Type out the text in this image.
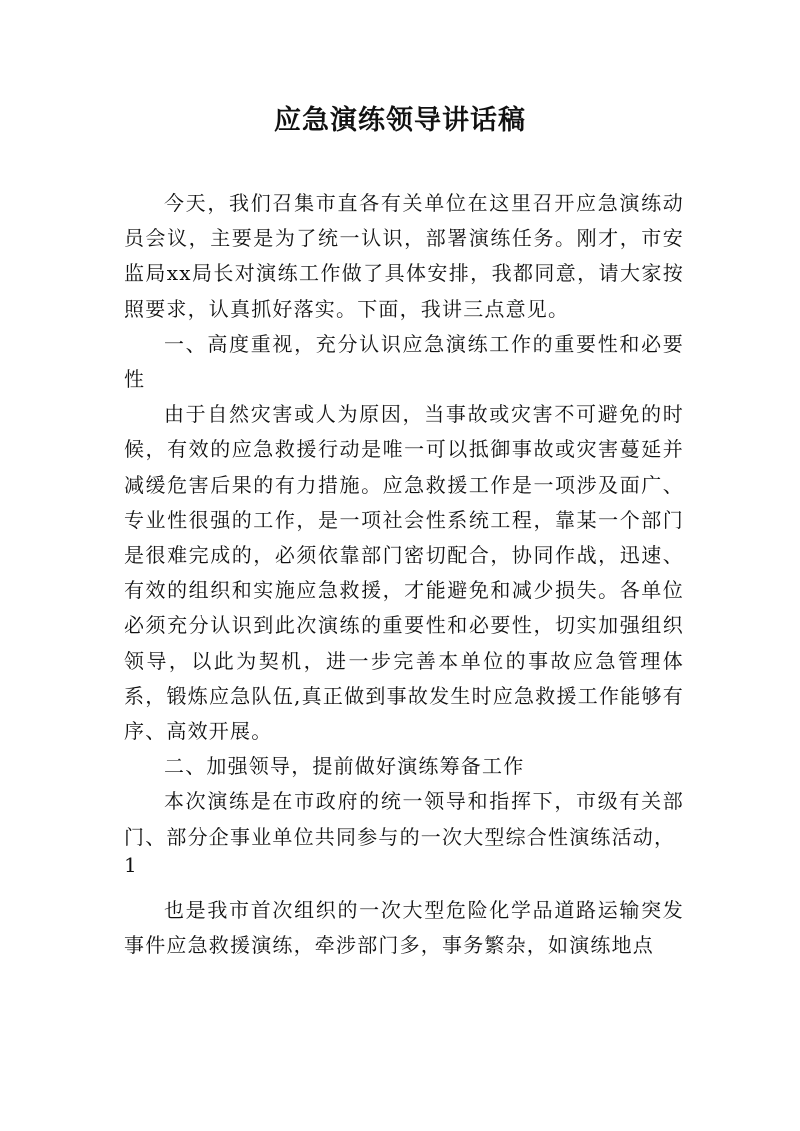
应急演练领导讲话稿

今天，我们召集市直各有关单位在这里召开应急演练动员会议，主要是为了统一认识，部署演练任务。刚才，市安监局xx局长对演练工作做了具体安排，我都同意，请大家按照要求，认真抓好落实。下面，我讲三点意见。

一、高度重视，充分认识应急演练工作的重要性和必要性

由于自然灾害或人为原因，当事故或灾害不可避免的时候，有效的应急救援行动是唯一可以抵御事故或灾害蔓延并减缓危害后果的有力措施。应急救援工作是一项涉及面广、专业性很强的工作，是一项社会性系统工程，靠某一个部门是很难完成的，必须依靠部门密切配合，协同作战，迅速、有效的组织和实施应急救援，才能避免和减少损失。各单位必须充分认识到此次演练的重要性和必要性，切实加强组织领导，以此为契机，进一步完善本单位的事故应急管理体系，锻炼应急队伍,真正做到事故发生时应急救援工作能够有序、高效开展。

二、加强领导，提前做好演练筹备工作

本次演练是在市政府的统一领导和指挥下，市级有关部门、部分企事业单位共同参与的一次大型综合性演练活动，

1

也是我市首次组织的一次大型危险化学品道路运输突发事件应急救援演练，牵涉部门多，事务繁杂，如演练地点
